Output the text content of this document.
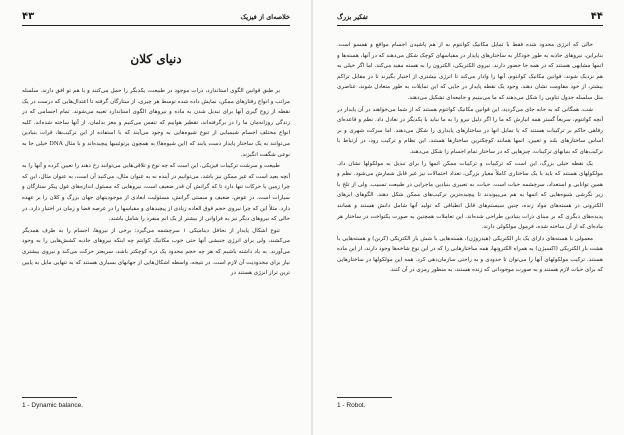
۴۳	خلاصه‌ای از فیزیک
دنیای کلان

بر طبق قوانین الگوی استاندارد، ذرات موجود در طبیعت، یکدیگر را حمل می‌کنند و با هم تو افق دارند. سلسله مراتب و انواع رفتارهای ممکن، نمایش داده شده توسط هر چیزی، از ستارگان گرفته تا اعتدال‌هایی که درست در یک نقطه از زوج گیری آنها برای تبدیل شدن به ماده و نیروهای الگوی استاندارد تعبیه می‌شوند. تمام اجسامی که در زندگی روزانه‌مان ما را در برگرفته‌اند، تقطیر هوابیم که تنفس می‌کنیم و مغز بدلمان، از آنها ساخته شده‌اند. کلیه انواع مختلف اجسام شیمیایی از تنوع شیوه‌هایی به وجود می‌آیند که با استفاده از این ترکیب‌ها، قرات بنیادین می‌توانند به یک ساختار پایدار دست یابند که (این شیوه‌ها) به همچون پرتوئینیها پیچیده‌اند و با مثال DNA خیلی جا به نوعی شگفت انگیزند.

طبیعت و سرشت ترکیبات فیزیکی، این است که چه نوع و تلاقی‌هایی می‌توانند رخ دهند را تعیین کرده و آنها را به آنچه بعید است که غیر ممکن نیز باشد، می‌توانیم در آینده نه به عنوان مثال، می‌کنید آن است، به عنوان مثال، این که چرا زمین با حرکات تنها دارد تا که گرانش آن قدر ضعیف است، نیروهایی که مسئول اندازه‌های غول پیکر ستارگان و سیارات است. در عوض، ضعیف و سستی گرانش، مسئولیت ابعادی از موجودیتهای جهان بزرگ و کلان را بر عهده دارد. مثلاً این که چرا نیروی حجم فوق العاده زیادی از پیچیدهای و مقیاسها را در عرصه فضا و زمان در اختیار دارد. در حالی که نیروهای دیگر نیز به فراوانی از بیشتر از یک اتم منفرد را شامل باشند.

تنوع اشکال پایدار از نحافل دینامیکی ۱ سرچشمه می‌گیرد: برخی از نیروها، اجسام را به طرف همدیگر می‌کشند، ولی برای انرژی جنبشی آنها حتی خوب مکانیک کوانتم چه اینکه نیروهای جاذبه کشش‌هایی را به وجود می‌آورند. به یاد داشته باشیم که هر چه حجم محدود یک ذره کوچکتر باشد، سریعتر حرکت می‌کند و نیروی بیشتری نیاز برای محدودیت آن لازم است. در نتیجه، واسطه اشکال‌هایی از جهانهای بسیاری هستند که به تنهایی مایل به پایین ترین تراز انرژی هستند در

1 - Dynamic balance.
۴۴
تفکیر بزرگ

حالی که انرژی محدود شده فقط با تمایل مکانیک کوانتوم به از هم پاشیدن اجسام مواقع و همسو است. بنابراین، نیروهای جاذبه به طور خودکار به ساختارهای پایدار در مقیاسهای کوچک شکل می‌دهند که در آنها، هسته‌ها و اتمها مشابهی هستند که در همه جا حضور دارند. نیروی الکتریکی، الکترون را به هسته مقید می‌کند. اما اگر خیلی به هم نزدیک شوند، قوانین مکانیک کوانتوم، آنها را وادار می‌کند تا انرژی بیشتری از اختیار بگیرند تا در مقابل تراکم بیشتر، از خود مقاومت نشان دهند. وجود یک نقطه پایدار در جایی که این تمایلات به طور متعادل شوند، عناصری مثل سلسله جدول تناوبی را شکل می‌دهند که ما می‌بینیم و جامعه‌ای تشکیل می‌دهند.

شب، همگانی که به جابه جای می‌گردید، این قوانین مکانیک کوانتوم هستند که از شما می‌خواهند در آن پایدار در آنچه کوانتوم، سریعاً گستر همه انبارش که ما را اگر دلیل نیرو را به ما نباید با یکدیگر در تعادل داد. نظم و قاعده‌ای رفاهی حاکم بر ترکیبات هستند که با تمایل انها در ساختارهای پایداری را شکل می‌دهند. اما سرکت شهری و بر اساس ساختارهای بلند و تعیین. اتمها همانند کوچکترین ساختارها هستند. این نظام و ترکیب رود، در ارتباط با ترکیب‌های که بنیانهای ترکیبات، چیزهایی که در ساختار تمام اجسام را شکل می‌دهند.

یک نقطه خیلی بزرگ، این است که ترکیبات و ترکیبات ممکن اتمها را برای تبدیل به مولکولها نشان داد. مولکولهای هستند که باید با یک ساختاری کاملاً معیار بزرگی، تعداد احتمالات نیز غیر قابل شمارش می‌شود. نظم و همین توانایی و استعداد، سرچشمه حیات است. حیات، به تعبیری بنیادین ماجرایی در طبیعت تسبیب. ولی از تلخ با زیر نگرشی شیوه‌هایی که اتمها به هم می‌پیوندند تا پیچیده‌ترین ترکیب‌های ممکن شکل دهند. الگوهای ابرهای الکترونی در هسته‌های مواد زنده، چنین سیستم‌های قابل انطباقی که تولید آنها شامل دانش هستند و همانند پدیده‌های دیگری که بر مبنای ذرات بنیادین طراحی شده‌اند. این تعاملات همچنین به صورت یکنواخت در ساختار هر ماده‌ای که از آن ساخته شده، فرمول مولکولی دارند.

معمولی با هسته‌های دارای یک بار الکتریکی (هیدروژن)، هسته‌هایی با شش بار الکتریکی (کربن) و هسته‌هایی با هشت بار الکتریکی (اکسیژن) به همراه الکترونها، همه ساختارهایی را که در این نوع شاخه‌ها وجود دارند، از این ماده هستند. ترکیب مولکولهای آنها را می‌توان تا حدودی و به راحتی سازمان‌دهی کرد. همه این مولکولها در ساختارهایی که برای حیات لازم هستند و به صورت موجوداتی که زنده هستند، به منظور رمزی در آن کنند.

1 - Robot.
